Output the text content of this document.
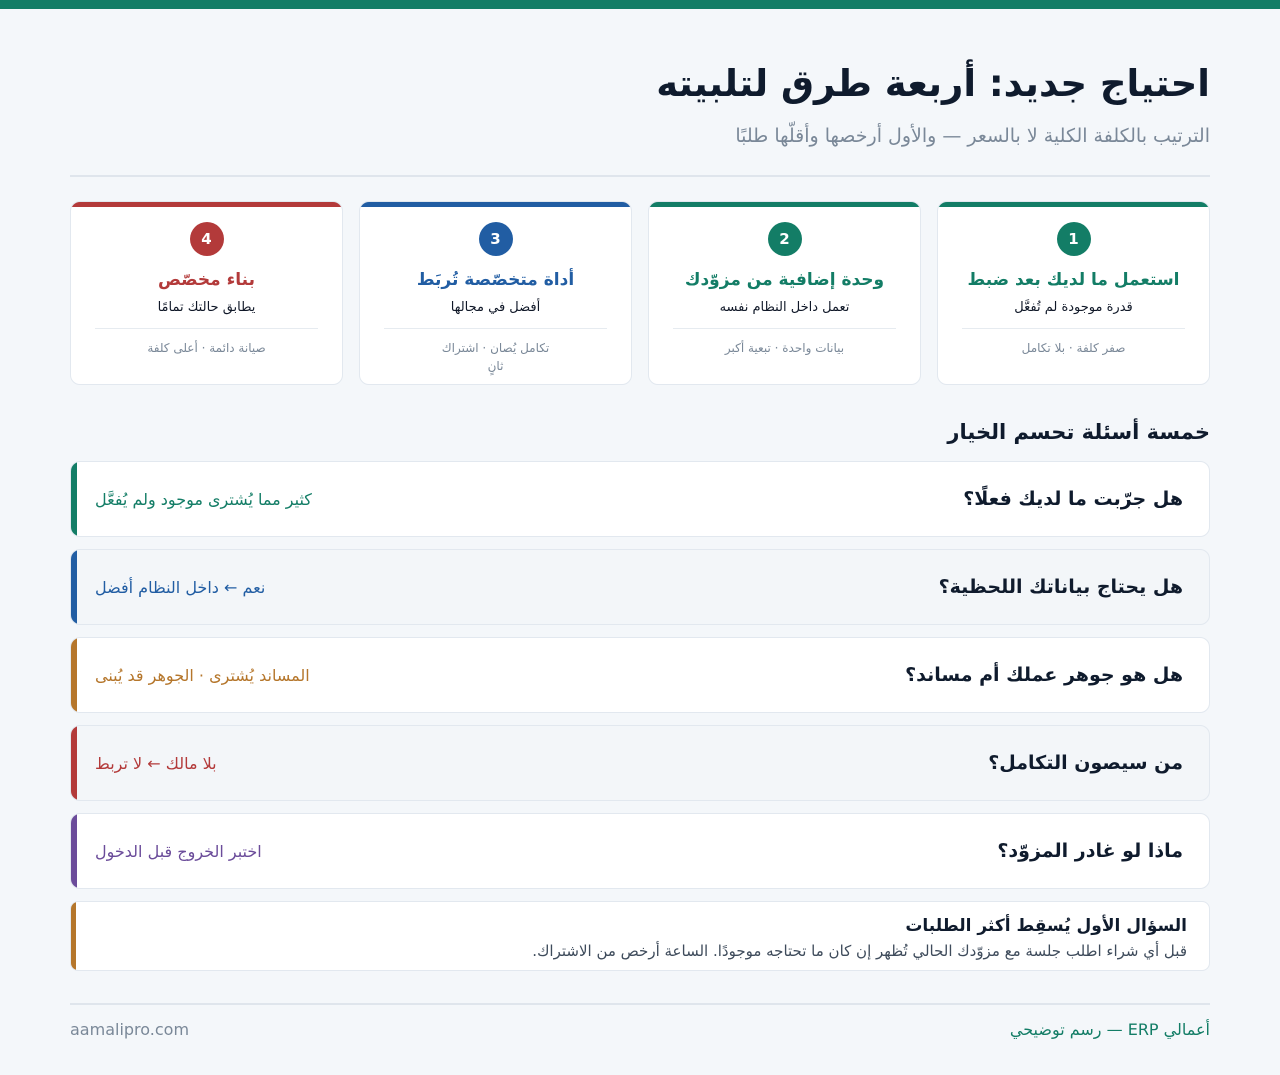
احتياج جديد: أربعة طرق لتلبيته
الترتيب بالكلفة الكلية لا بالسعر — والأول أرخصها وأقلّها طلبًا
1
استعمل ما لديك بعد ضبط
قدرة موجودة لم تُفعَّل
صفر كلفة · بلا تكامل
2
وحدة إضافية من مزوّدك
تعمل داخل النظام نفسه
بيانات واحدة · تبعية أكبر
3
أداة متخصّصة تُربَط
أفضل في مجالها
تكامل يُصان · اشتراك ثانٍ
4
بناء مخصّص
يطابق حالتك تمامًا
صيانة دائمة · أعلى كلفة
خمسة أسئلة تحسم الخيار
هل جرّبت ما لديك فعلًا؟
كثير مما يُشترى موجود ولم يُفعَّل
هل يحتاج بياناتك اللحظية؟
نعم ← داخل النظام أفضل
هل هو جوهر عملك أم مساند؟
المساند يُشترى · الجوهر قد يُبنى
من سيصون التكامل؟
بلا مالك ← لا تربط
ماذا لو غادر المزوّد؟
اختبر الخروج قبل الدخول
السؤال الأول يُسقِط أكثر الطلبات
قبل أي شراء اطلب جلسة مع مزوّدك الحالي تُظهر إن كان ما تحتاجه موجودًا. الساعة أرخص من الاشتراك.
أعمالي ERP — رسم توضيحي
aamalipro.com
